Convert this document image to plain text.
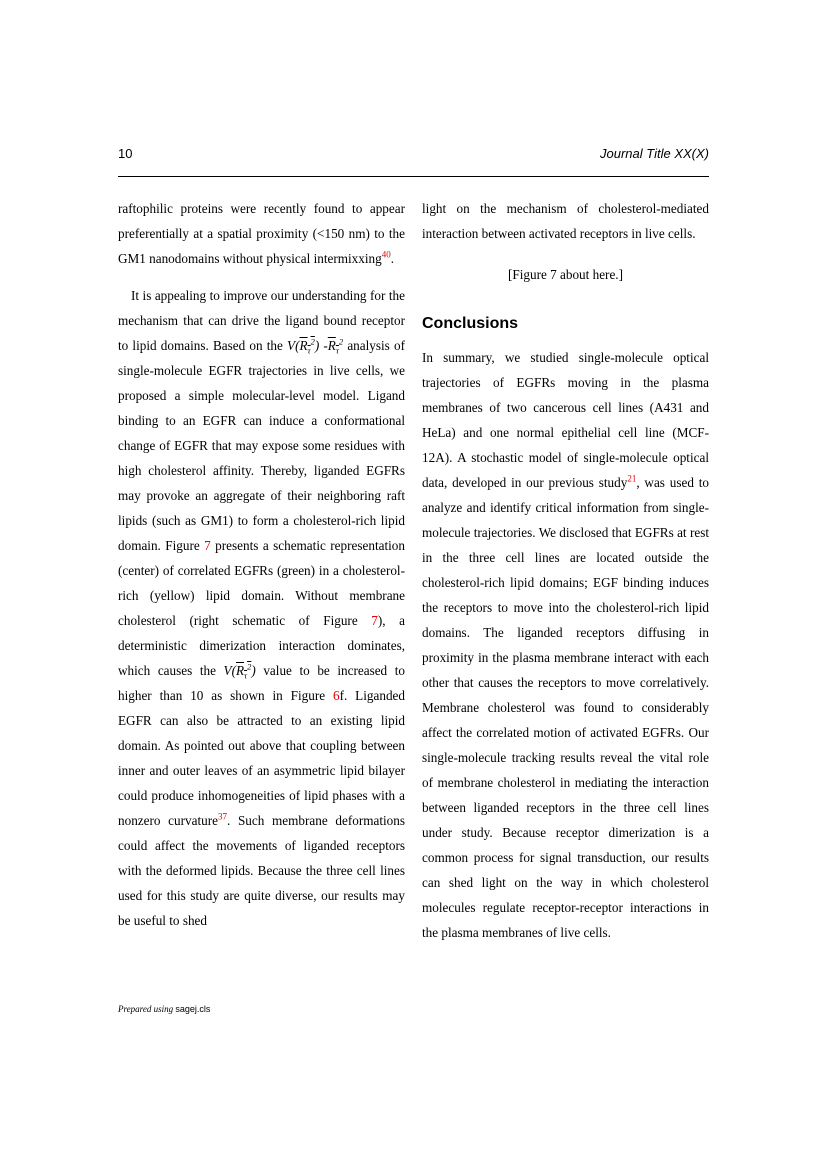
10	Journal Title XX(X)

raftophilic proteins were recently found to appear preferentially at a spatial proximity (<150 nm) to the GM1 nanodomains without physical intermixxing$^{40}$.

It is appealing to improve our understanding for the mechanism that can drive the ligand bound receptor to lipid domains. Based on the $V(R_\tau^2)$ $-R_\tau^2$ analysis of single-molecule EGFR trajectories in live cells, we proposed a simple molecular-level model. Ligand binding to an EGFR can induce a conformational change of EGFR that may expose some residues with high cholesterol affinity. Thereby, liganded EGFRs may provoke an aggregate of their neighboring raft lipids (such as GM1) to form a cholesterol-rich lipid domain. Figure 7 presents a schematic representation (center) of correlated EGFRs (green) in a cholesterol-rich (yellow) lipid domain. Without membrane cholesterol (right schematic of Figure 7), a deterministic dimerization interaction dominates, which causes the $V(R_\tau^2)$ value to be increased to higher than 10 as shown in Figure 6f. Liganded EGFR can also be attracted to an existing lipid domain. As pointed out above that coupling between inner and outer leaves of an asymmetric lipid bilayer could produce inhomogeneities of lipid phases with a nonzero curvature$^{37}$. Such membrane deformations could affect the movements of liganded receptors with the deformed lipids. Because the three cell lines used for this study are quite diverse, our results may be useful to shed

light on the mechanism of cholesterol-mediated interaction between activated receptors in live cells.

[Figure 7 about here.]

Conclusions

In summary, we studied single-molecule optical trajectories of EGFRs moving in the plasma membranes of two cancerous cell lines (A431 and HeLa) and one normal epithelial cell line (MCF-12A). A stochastic model of single-molecule optical data, developed in our previous study$^{21}$, was used to analyze and identify critical information from single-molecule trajectories. We disclosed that EGFRs at rest in the three cell lines are located outside the cholesterol-rich lipid domains; EGF binding induces the receptors to move into the cholesterol-rich lipid domains. The liganded receptors diffusing in proximity in the plasma membrane interact with each other that causes the receptors to move correlatively. Membrane cholesterol was found to considerably affect the correlated motion of activated EGFRs. Our single-molecule tracking results reveal the vital role of membrane cholesterol in mediating the interaction between liganded receptors in the three cell lines under study. Because receptor dimerization is a common process for signal transduction, our results can shed light on the way in which cholesterol molecules regulate receptor-receptor interactions in the plasma membranes of live cells.

Prepared using sagej.cls
